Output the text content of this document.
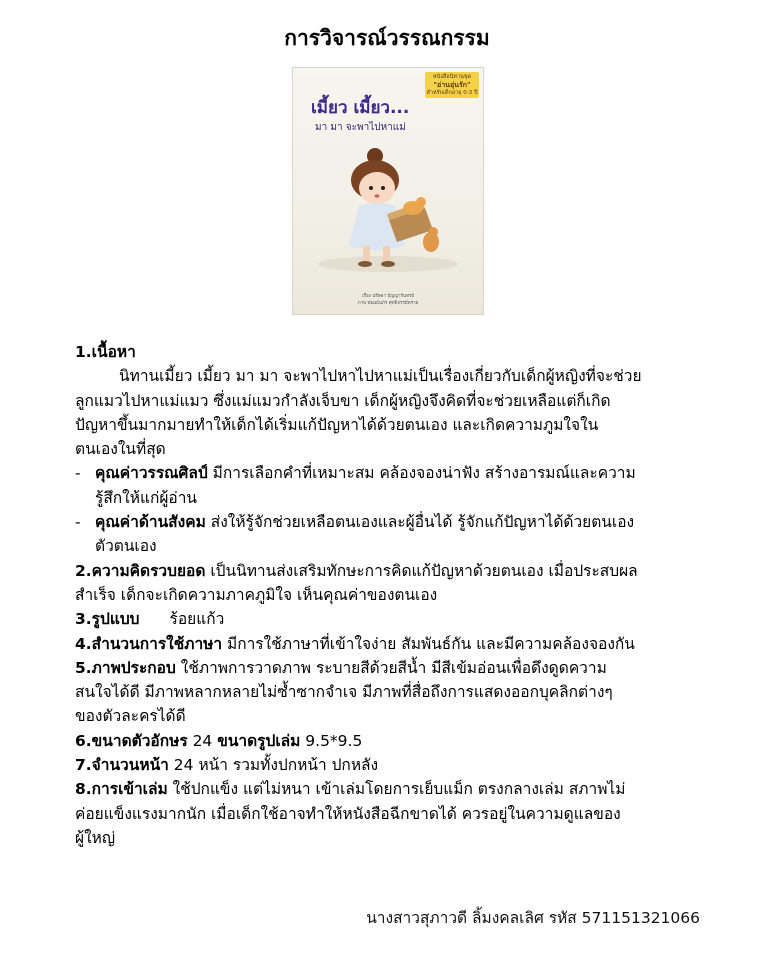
การวิจารณ์วรรณกรรม
หนังสือนิทานชุด
"อ่านอุ่นรัก"
สำหรับเด็กอายุ 0-3 ปี
เมี้ยว เมี้ยว...
มา มา จะพาไปหาแม่
เรื่อง นรีลดา ปัญญารันทรย์
ภาพ พัณณ์นภัร ศุทธิจรรมีคราย
1.เนื้อหา
นิทานเมี้ยว เมี้ยว มา มา จะพาไปหาไปหาแม่เป็นเรื่องเกี่ยวกับเด็กผู้หญิงที่จะช่วย
ลูกแมวไปหาแม่แมว ซึ่งแม่แมวกำลังเจ็บขา เด็กผู้หญิงจึงคิดที่จะช่วยเหลือแต่ก็เกิด
ปัญหาขึ้นมากมายทำให้เด็กได้เริ่มแก้ปัญหาได้ด้วยตนเอง และเกิดความภูมใจใน
ตนเองในที่สุด
- คุณค่าวรรณศิลป์ มีการเลือกคำที่เหมาะสม คล้องจองน่าฟัง สร้างอารมณ์และความ
รู้สึกให้แก่ผู้อ่าน
- คุณค่าด้านสังคม ส่งให้รู้จักช่วยเหลือตนเองและผู้อื่นได้ รู้จักแก้ปัญหาได้ด้วยตนเอง
ตัวตนเอง
2.ความคิดรวบยอด เป็นนิทานส่งเสริมทักษะการคิดแก้ปัญหาด้วยตนเอง เมื่อประสบผล
สำเร็จ เด็กจะเกิดความภาคภูมิใจ เห็นคุณค่าของตนเอง
3.รูปแบบ ร้อยแก้ว
4.สำนวนการใช้ภาษา มีการใช้ภาษาที่เข้าใจง่าย สัมพันธ์กัน และมีความคล้องจองกัน
5.ภาพประกอบ ใช้ภาพการวาดภาพ ระบายสีด้วยสีน้ำ มีสีเข้มอ่อนเพื่อดึงดูดความ
สนใจได้ดี มีภาพหลากหลายไม่ซ้ำซากจำเจ มีภาพที่สื่อถึงการแสดงออกบุคลิกต่างๆ
ของตัวละครได้ดี
6.ขนาดตัวอักษร 24 ขนาดรูปเล่ม 9.5*9.5
7.จำนวนหน้า 24 หน้า รวมทั้งปกหน้า ปกหลัง
8.การเข้าเล่ม ใช้ปกแข็ง แต่ไม่หนา เข้าเล่มโดยการเย็บแม็ก ตรงกลางเล่ม สภาพไม่
ค่อยแข็งแรงมากนัก เมื่อเด็กใช้อาจทำให้หนังสือฉีกขาดได้ ควรอยู่ในความดูแลของ
ผู้ใหญ่
นางสาวสุภาวดี ลิ้มงคลเลิศ รหัส 571151321066
